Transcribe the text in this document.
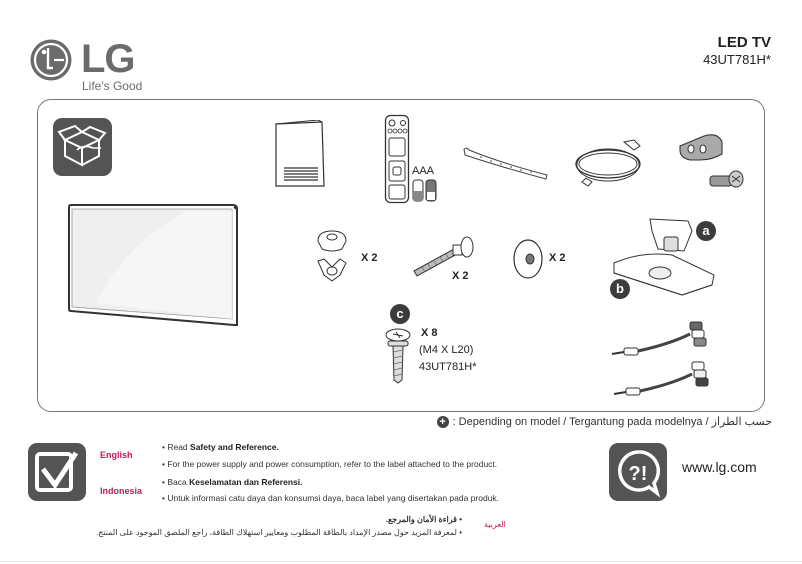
LG
Life's Good
LED TV
43UT781H*
AAA
X 2
X 2
X 2
c
X 8
(M4 X L20)
43UT781H*
a
b
+ : Depending on model / Tergantung pada modelnya / حسب الطراز
English
• Read Safety and Reference.
• For the power supply and power consumption, refer to the label attached to the product.
Indonesia
• Baca Keselamatan dan Referensi.
• Untuk informasi catu daya dan konsumsi daya, baca label yang disertakan pada produk.
العربية
• قراءة الأمان والمرجع.
• لمعرفة المزيد حول مصدر الإمداد بالطاقة المطلوب ومعايير استهلاك الطاقة، راجع الملصق الموجود على المنتج.
?! www.lg.com
